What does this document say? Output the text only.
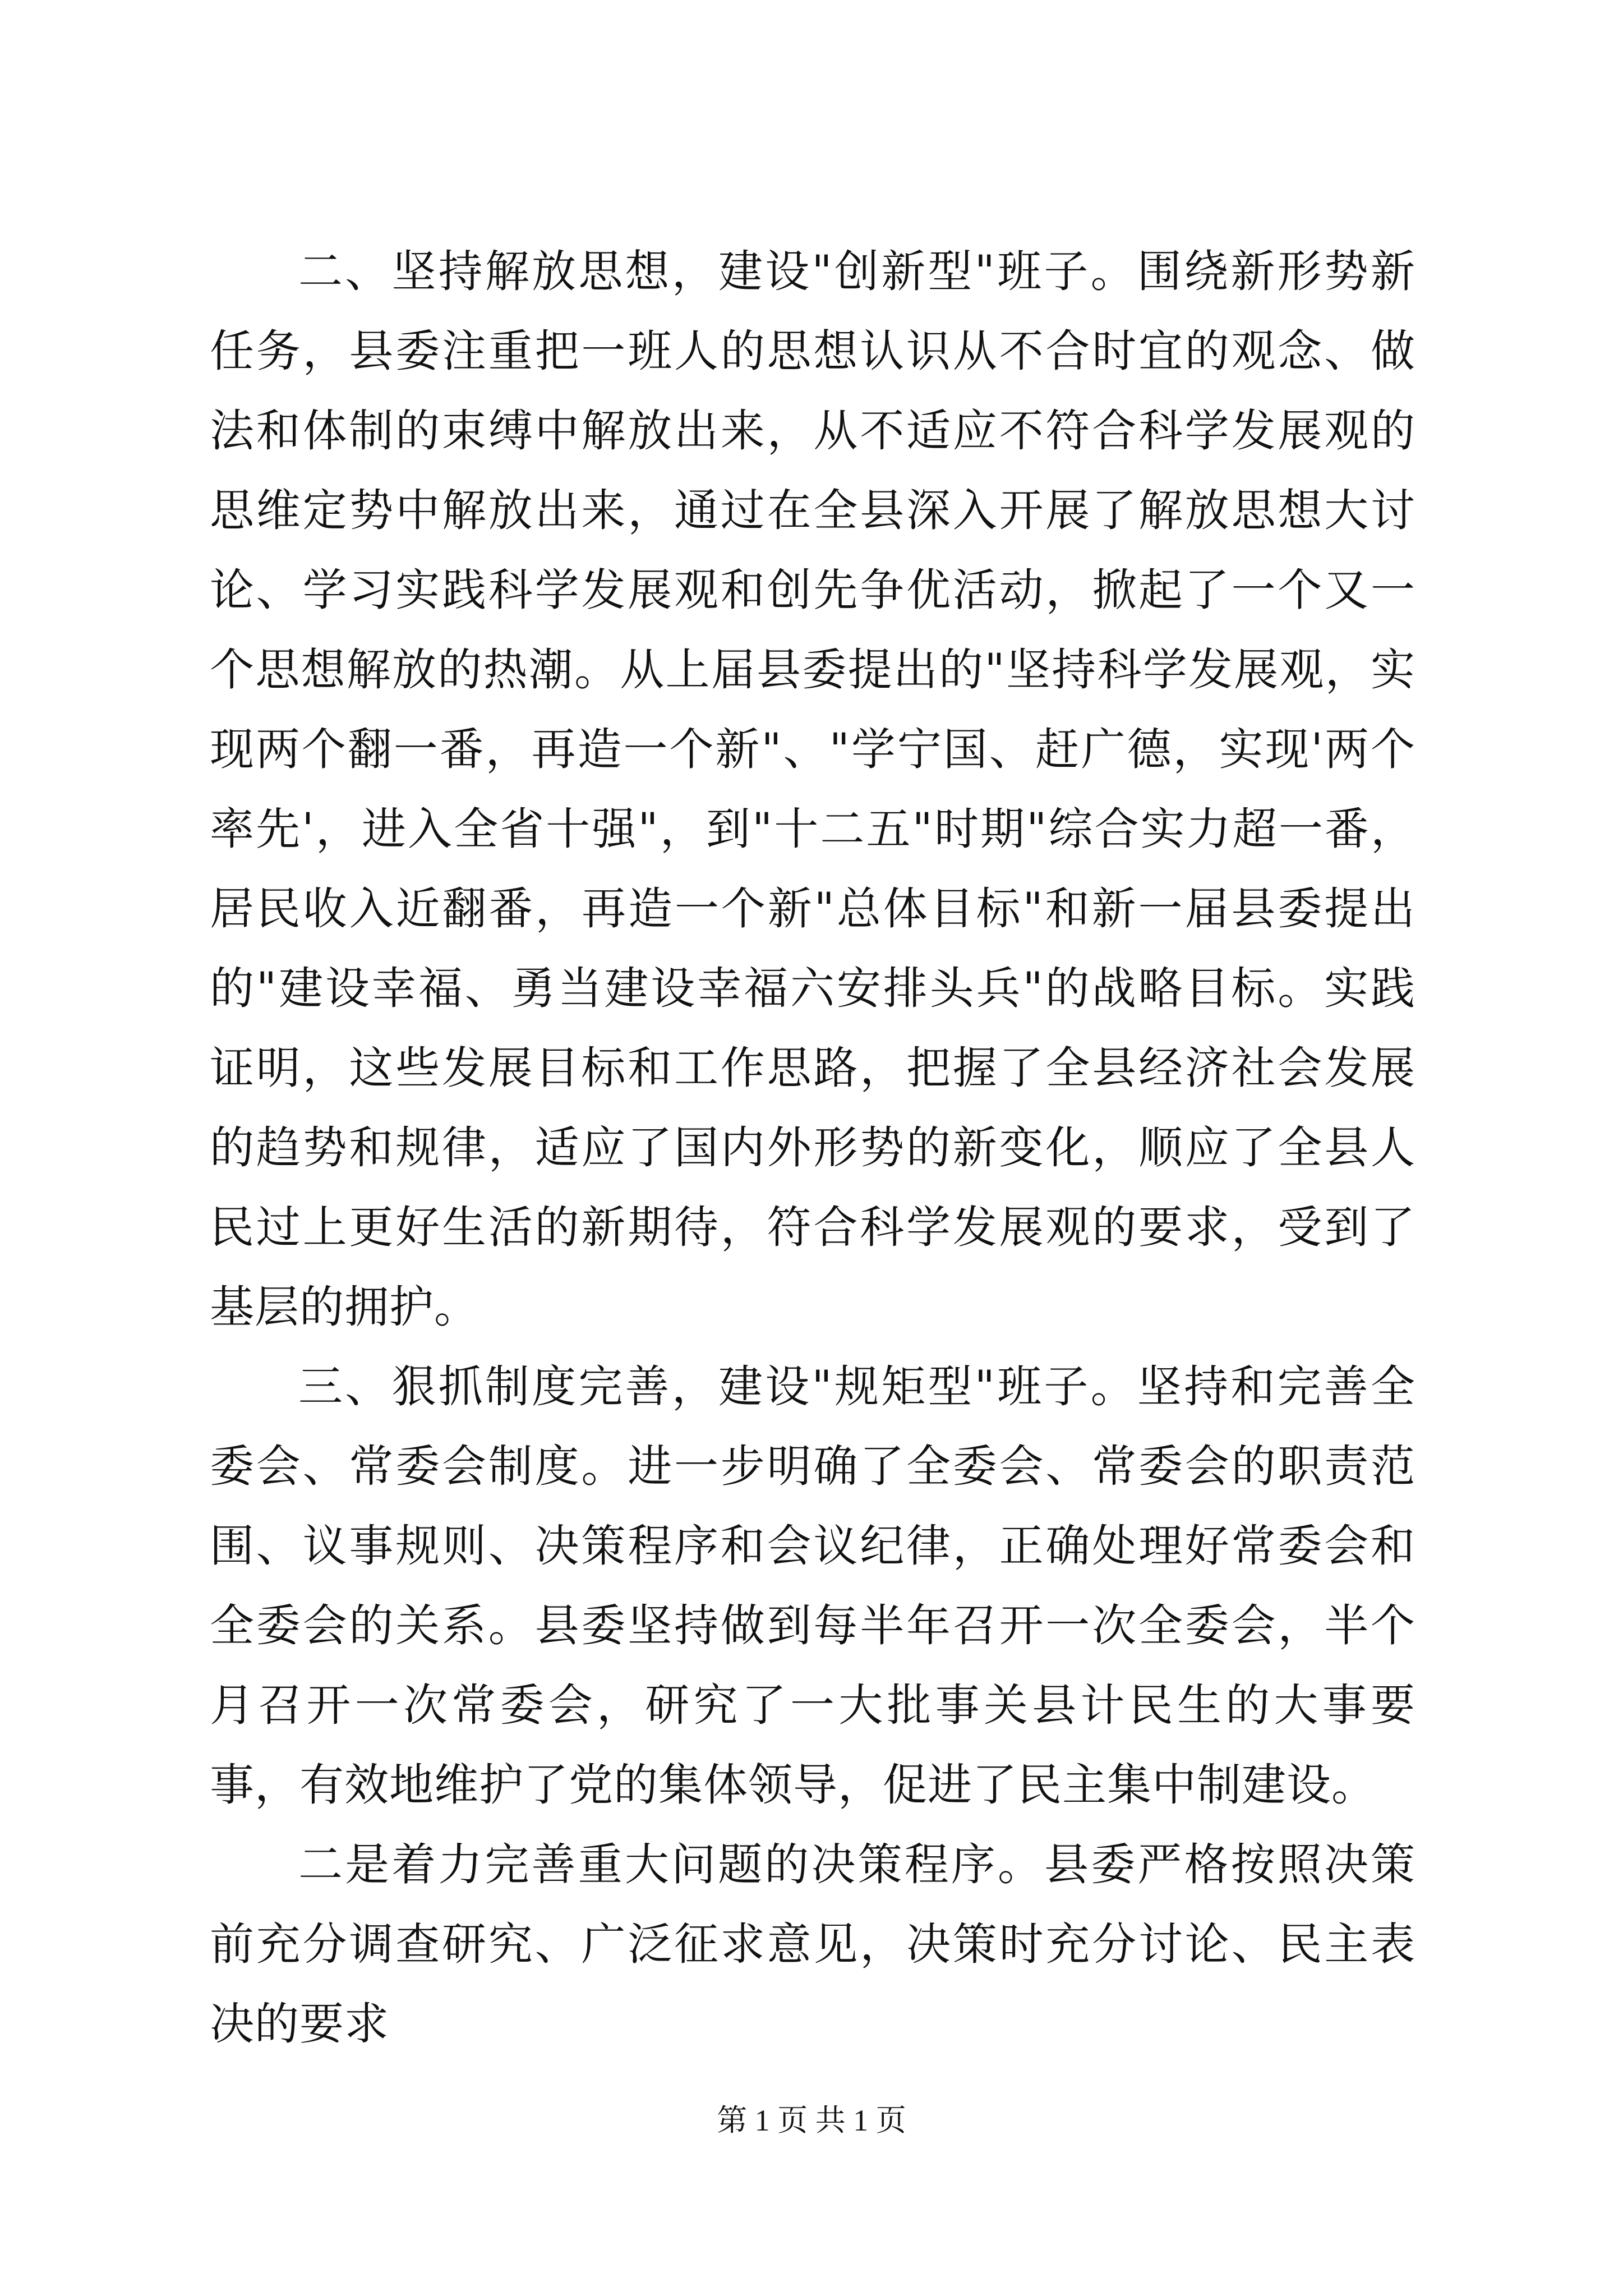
二、坚持解放思想，建设"创新型"班子。围绕新形势新任务，县委注重把一班人的思想认识从不合时宜的观念、做法和体制的束缚中解放出来，从不适应不符合科学发展观的思维定势中解放出来，通过在全县深入开展了解放思想大讨论、学习实践科学发展观和创先争优活动，掀起了一个又一个思想解放的热潮。从上届县委提出的"坚持科学发展观，实现两个翻一番，再造一个新"、"学宁国、赶广德，实现'两个率先'，进入全省十强"，到"十二五"时期"综合实力超一番，居民收入近翻番，再造一个新"总体目标"和新一届县委提出的"建设幸福、勇当建设幸福六安排头兵"的战略目标。实践证明，这些发展目标和工作思路，把握了全县经济社会发展的趋势和规律，适应了国内外形势的新变化，顺应了全县人民过上更好生活的新期待，符合科学发展观的要求，受到了基层的拥护。

三、狠抓制度完善，建设"规矩型"班子。坚持和完善全委会、常委会制度。进一步明确了全委会、常委会的职责范围、议事规则、决策程序和会议纪律，正确处理好常委会和全委会的关系。县委坚持做到每半年召开一次全委会，半个月召开一次常委会，研究了一大批事关县计民生的大事要事，有效地维护了党的集体领导，促进了民主集中制建设。

二是着力完善重大问题的决策程序。县委严格按照决策前充分调查研究、广泛征求意见，决策时充分讨论、民主表决的要求

第 1 页 共 1 页
